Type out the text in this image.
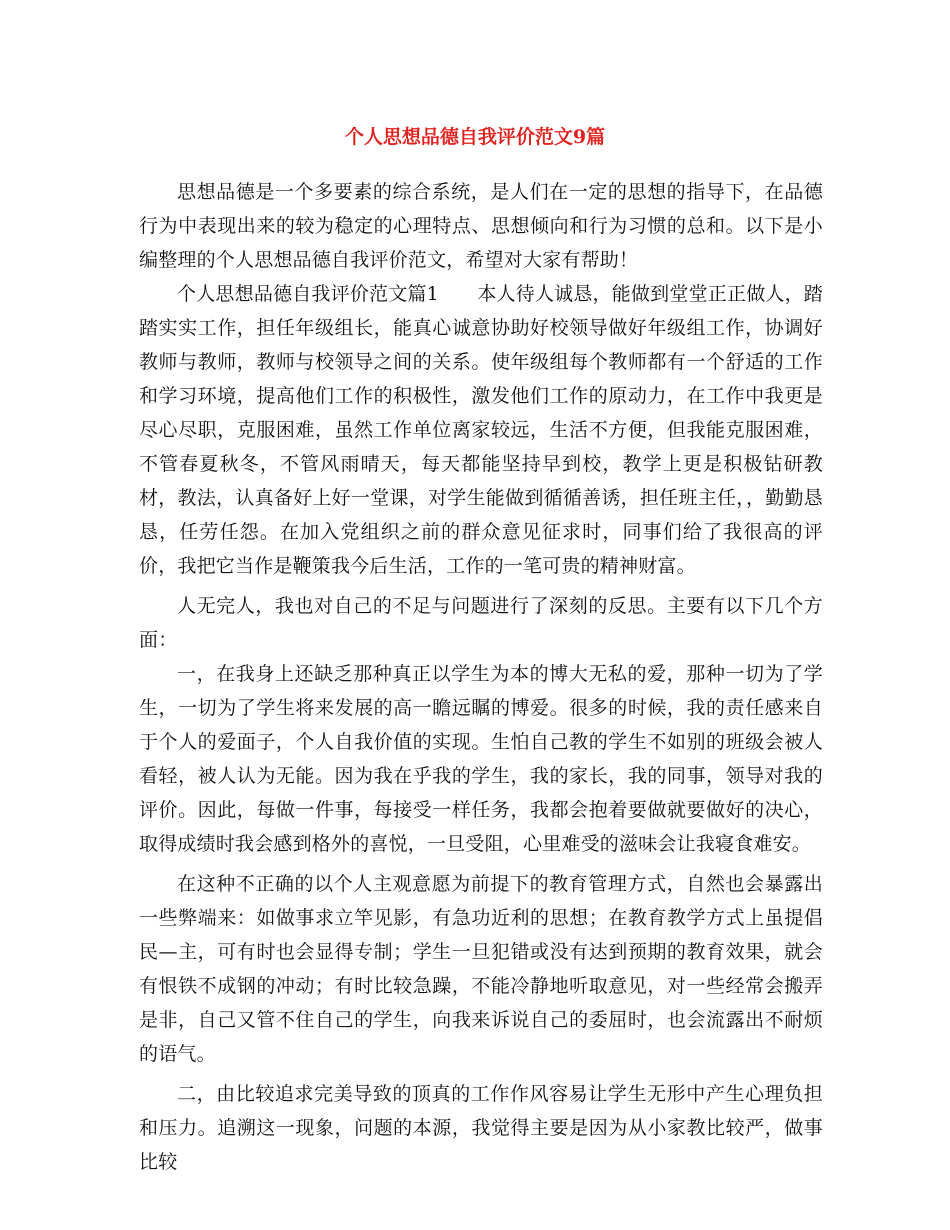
个人思想品德自我评价范文9篇

思想品德是一个多要素的综合系统，是人们在一定的思想的指导下，在品德行为中表现出来的较为稳定的心理特点、思想倾向和行为习惯的总和。以下是小编整理的个人思想品德自我评价范文，希望对大家有帮助！

个人思想品德自我评价范文篇1　　本人待人诚恳，能做到堂堂正正做人，踏踏实实工作，担任年级组长，能真心诚意协助好校领导做好年级组工作，协调好教师与教师，教师与校领导之间的关系。使年级组每个教师都有一个舒适的工作和学习环境，提高他们工作的积极性，激发他们工作的原动力，在工作中我更是尽心尽职，克服困难，虽然工作单位离家较远，生活不方便，但我能克服困难，不管春夏秋冬，不管风雨晴天，每天都能坚持早到校，教学上更是积极钻研教材，教法，认真备好上好一堂课，对学生能做到循循善诱，担任班主任，，勤勤恳恳，任劳任怨。在加入党组织之前的群众意见征求时，同事们给了我很高的评价，我把它当作是鞭策我今后生活，工作的一笔可贵的精神财富。

人无完人，我也对自己的不足与问题进行了深刻的反思。主要有以下几个方面：

一，在我身上还缺乏那种真正以学生为本的博大无私的爱，那种一切为了学生，一切为了学生将来发展的高一瞻远瞩的博爱。很多的时候，我的责任感来自于个人的爱面子，个人自我价值的实现。生怕自己教的学生不如别的班级会被人看轻，被人认为无能。因为我在乎我的学生，我的家长，我的同事，领导对我的评价。因此，每做一件事，每接受一样任务，我都会抱着要做就要做好的决心，取得成绩时我会感到格外的喜悦，一旦受阻，心里难受的滋味会让我寝食难安。

在这种不正确的以个人主观意愿为前提下的教育管理方式，自然也会暴露出一些弊端来：如做事求立竿见影，有急功近利的思想；在教育教学方式上虽提倡民—主，可有时也会显得专制；学生一旦犯错或没有达到预期的教育效果，就会有恨铁不成钢的冲动；有时比较急躁，不能冷静地听取意见，对一些经常会搬弄是非，自己又管不住自己的学生，向我来诉说自己的委屈时，也会流露出不耐烦的语气。

二，由比较追求完美导致的顶真的工作作风容易让学生无形中产生心理负担和压力。追溯这一现象，问题的本源，我觉得主要是因为从小家教比较严，做事比较
